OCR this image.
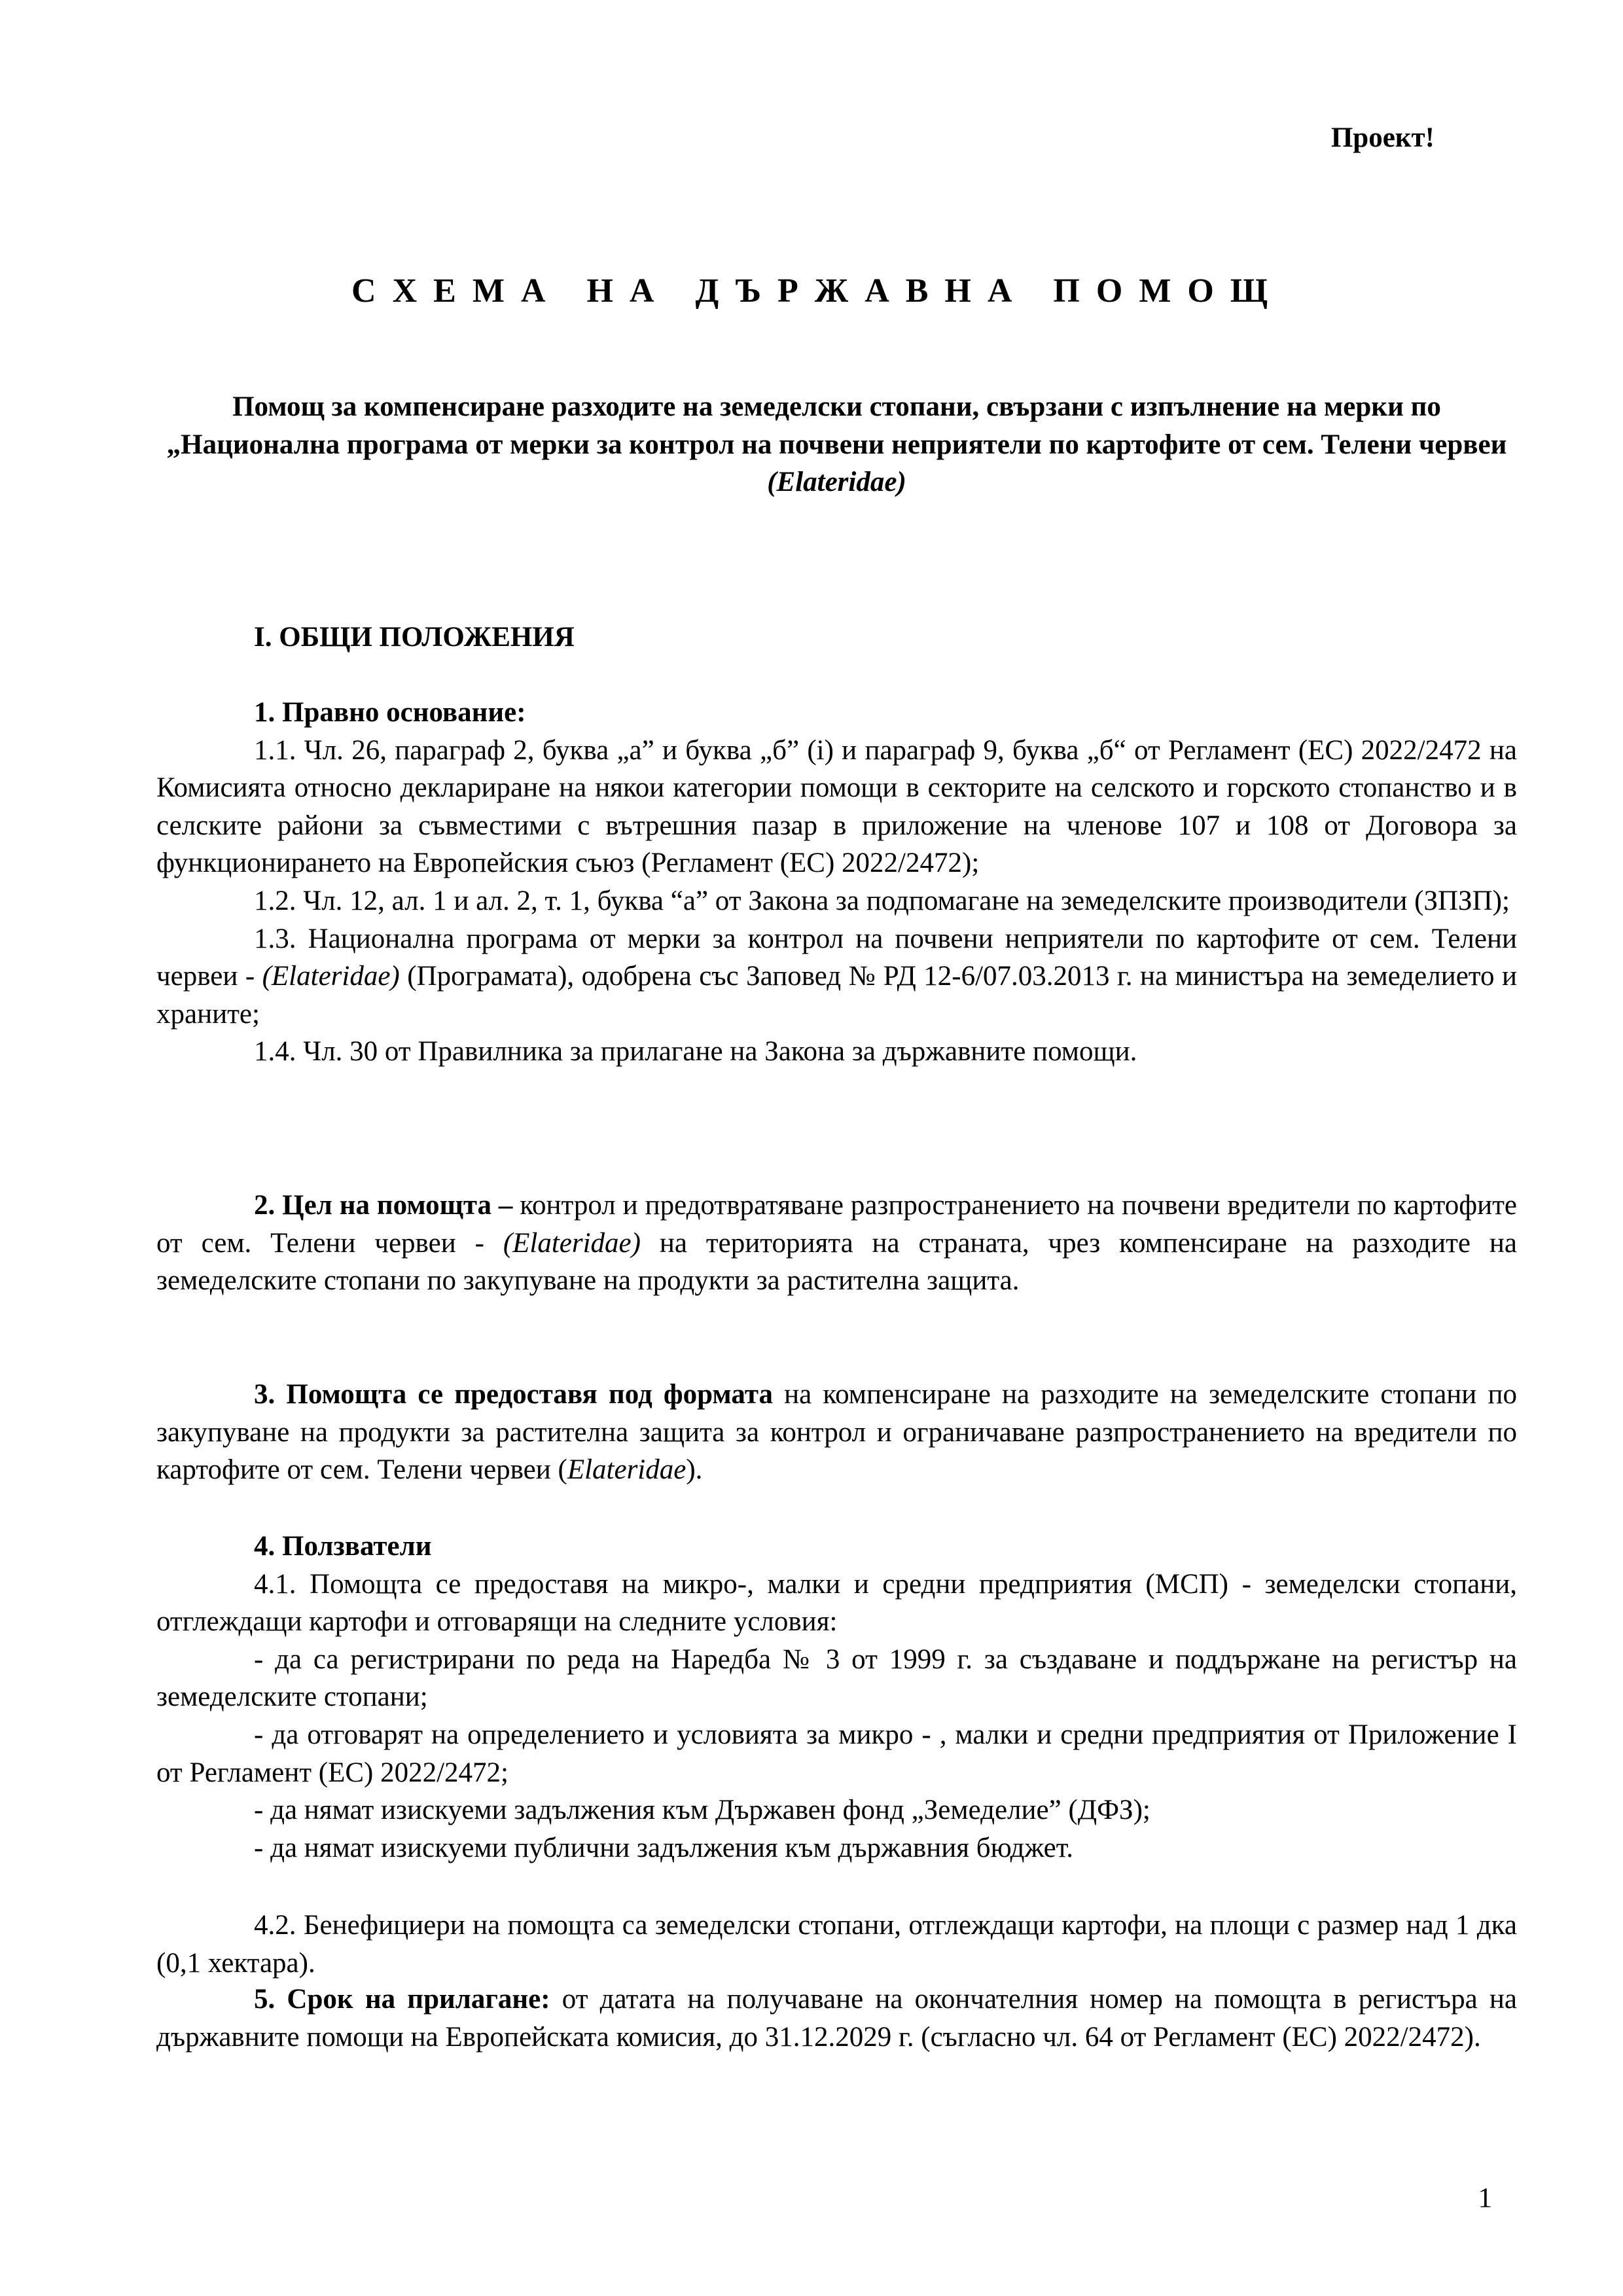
Проект!
С Х Е М А   Н А   Д Ъ Р Ж А В Н А   П О М О Щ
Помощ за компенсиране разходите на земеделски стопани, свързани с изпълнение на мерки по „Национална програма от мерки за контрол на почвени неприятели по картофите от сем. Телени червеи (Elateridae)

I. ОБЩИ ПОЛОЖЕНИЯ

1. Правно основание:

1.1. Чл. 26, параграф 2, буква „а” и буква „б” (i) и параграф 9, буква „б“ от Регламент (ЕС) 2022/2472 на Комисията относно деклариране на някои категории помощи в секторите на селското и горското стопанство и в селските райони за съвместими с вътрешния пазар в приложение на членове 107 и 108 от Договора за функционирането на Европейския съюз (Регламент (ЕС) 2022/2472);

1.2. Чл. 12, ал. 1 и ал. 2, т. 1, буква “а” от Закона за подпомагане на земеделските производители (ЗПЗП);

1.3. Национална програма от мерки за контрол на почвени неприятели по картофите от сем. Телени червеи - (Elateridae) (Програмата), одобрена със Заповед № РД 12-6/07.03.2013 г. на министъра на земеделието и храните;

1.4. Чл. 30 от Правилника за прилагане на Закона за държавните помощи.

2. Цел на помощта – контрол и предотвратяване разпространението на почвени вредители по картофите от сем. Телени червеи - (Elateridae) на територията на страната, чрез компенсиране на разходите на земеделските стопани по закупуване на продукти за растителна защита.

3. Помощта се предоставя под формата на компенсиране на разходите на земеделските стопани по закупуване на продукти за растителна защита за контрол и ограничаване разпространението на вредители по картофите от сем. Телени червеи (Elateridae).

4. Ползватели

4.1. Помощта се предоставя на микро-, малки и средни предприятия (МСП) - земеделски стопани, отглеждащи картофи и отговарящи на следните условия:

- да са регистрирани по реда на Наредба № 3 от 1999 г. за създаване и поддържане на регистър на земеделските стопани;

- да отговарят на определението и условията за микро - , малки и средни предприятия от Приложение I от Регламент (ЕС) 2022/2472;

- да нямат изискуеми задължения към Държавен фонд „Земеделие” (ДФЗ);

- да нямат изискуеми публични задължения към държавния бюджет.

4.2. Бенефициери на помощта са земеделски стопани, отглеждащи картофи, на площи с размер над 1 дка (0,1 хектара).

5. Срок на прилагане: от датата на получаване на окончателния номер на помощта в регистъра на държавните помощи на Европейската комисия, до 31.12.2029 г. (съгласно чл. 64 от Регламент (ЕС) 2022/2472).

1
